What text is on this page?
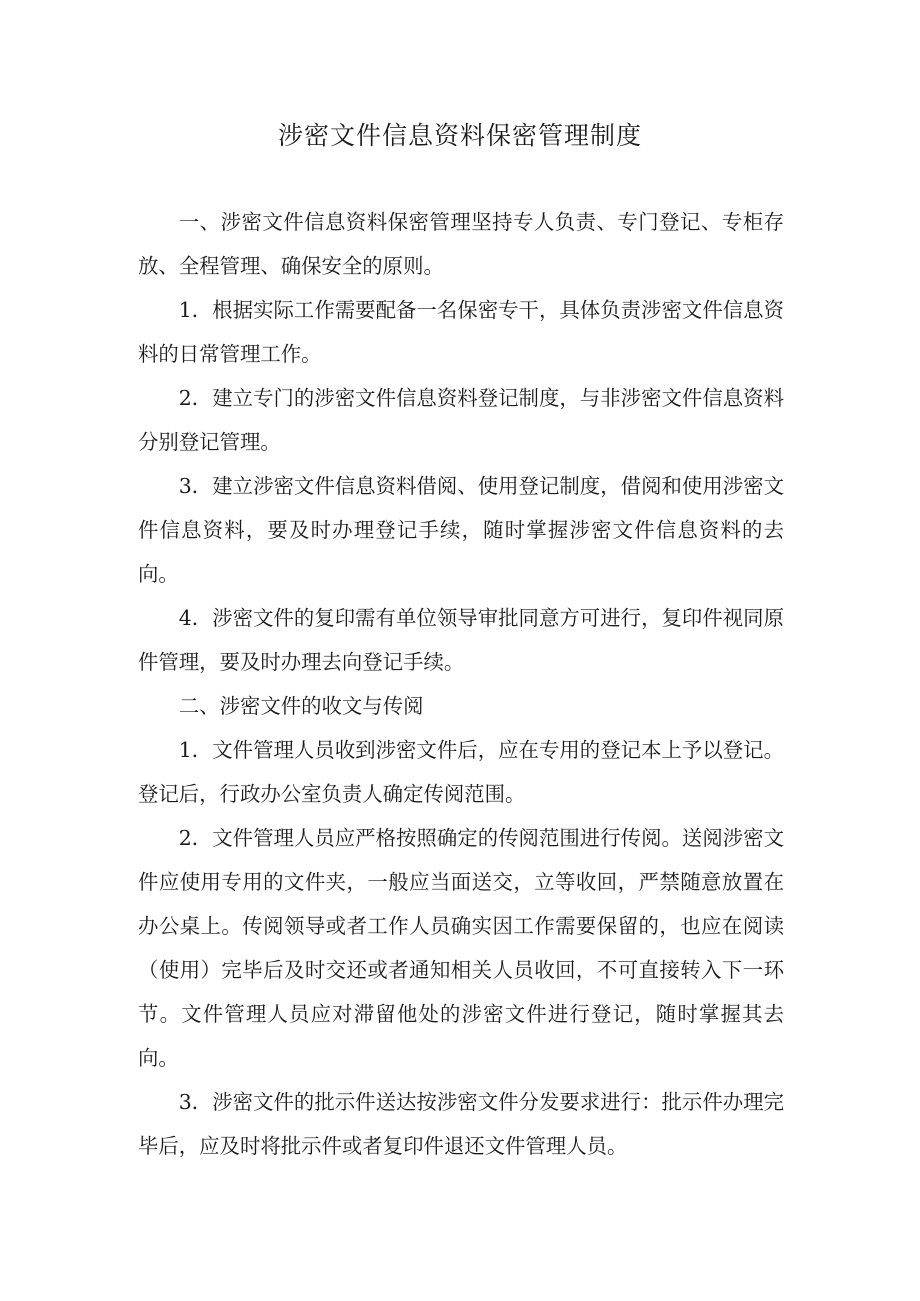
涉密文件信息资料保密管理制度

一、涉密文件信息资料保密管理坚持专人负责、专门登记、专柜存放、全程管理、确保安全的原则。

1．根据实际工作需要配备一名保密专干，具体负责涉密文件信息资料的日常管理工作。

2．建立专门的涉密文件信息资料登记制度，与非涉密文件信息资料分别登记管理。

3．建立涉密文件信息资料借阅、使用登记制度，借阅和使用涉密文件信息资料，要及时办理登记手续，随时掌握涉密文件信息资料的去向。

4．涉密文件的复印需有单位领导审批同意方可进行，复印件视同原件管理，要及时办理去向登记手续。

二、涉密文件的收文与传阅

1．文件管理人员收到涉密文件后，应在专用的登记本上予以登记。登记后，行政办公室负责人确定传阅范围。

2．文件管理人员应严格按照确定的传阅范围进行传阅。送阅涉密文件应使用专用的文件夹，一般应当面送交，立等收回，严禁随意放置在办公桌上。传阅领导或者工作人员确实因工作需要保留的，也应在阅读（使用）完毕后及时交还或者通知相关人员收回，不可直接转入下一环节。文件管理人员应对滞留他处的涉密文件进行登记，随时掌握其去向。

3．涉密文件的批示件送达按涉密文件分发要求进行：批示件办理完毕后，应及时将批示件或者复印件退还文件管理人员。
